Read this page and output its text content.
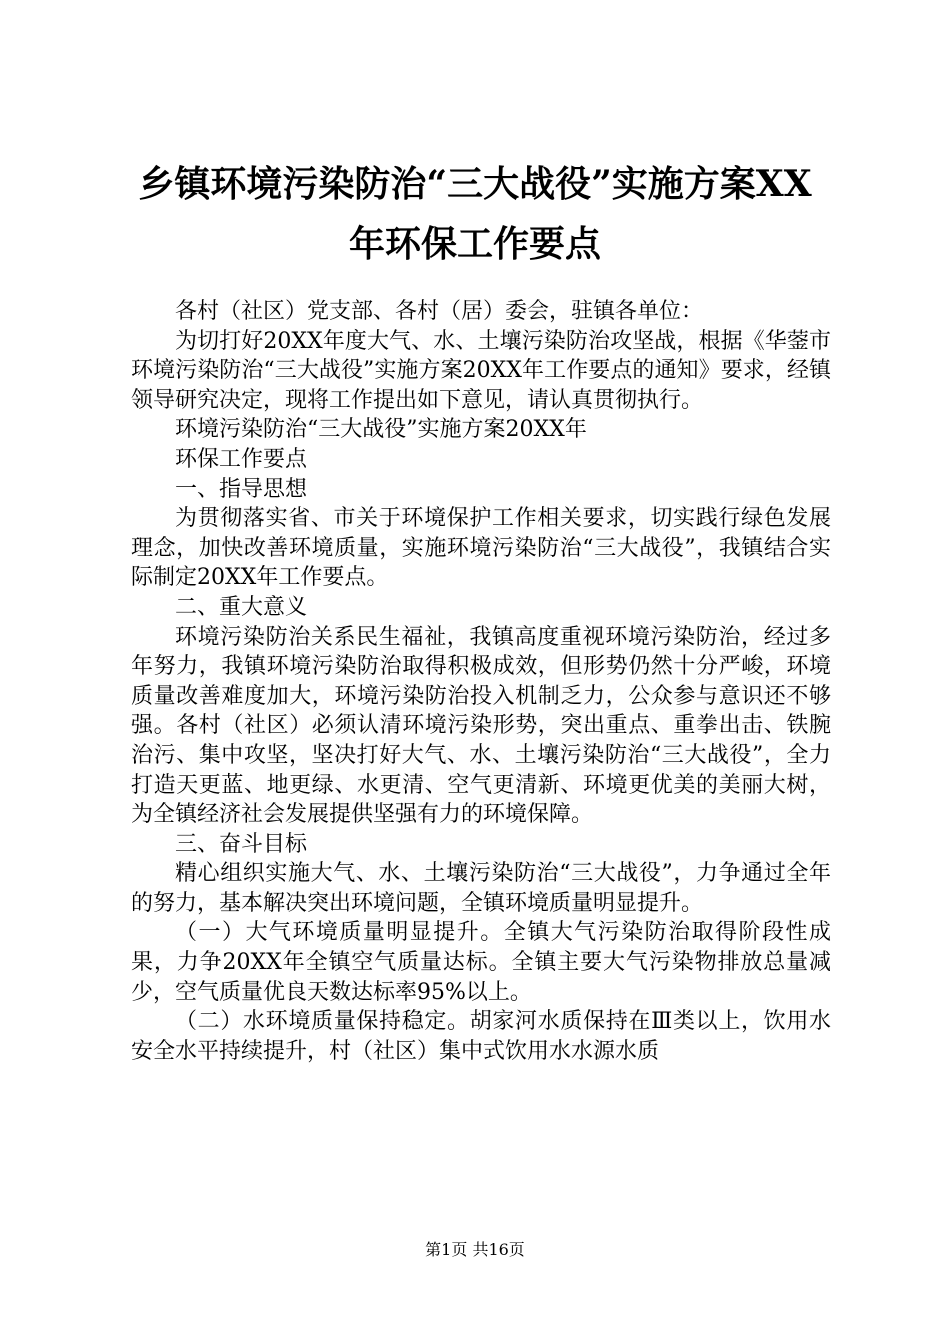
乡镇环境污染防治“三大战役”实施方案XX
年环保工作要点

各村（社区）党支部、各村（居）委会，驻镇各单位：

为切打好20XX年度大气、水、土壤污染防治攻坚战，根据《华蓥市环境污染防治“三大战役”实施方案20XX年工作要点的通知》要求，经镇领导研究决定，现将工作提出如下意见，请认真贯彻执行。

环境污染防治“三大战役”实施方案20XX年

环保工作要点

一、指导思想

为贯彻落实省、市关于环境保护工作相关要求，切实践行绿色发展理念，加快改善环境质量，实施环境污染防治“三大战役”，我镇结合实际制定20XX年工作要点。

二、重大意义

环境污染防治关系民生福祉，我镇高度重视环境污染防治，经过多年努力，我镇环境污染防治取得积极成效，但形势仍然十分严峻，环境质量改善难度加大，环境污染防治投入机制乏力，公众参与意识还不够强。各村（社区）必须认清环境污染形势，突出重点、重拳出击、铁腕治污、集中攻坚，坚决打好大气、水、土壤污染防治“三大战役”，全力打造天更蓝、地更绿、水更清、空气更清新、环境更优美的美丽大树，为全镇经济社会发展提供坚强有力的环境保障。

三、奋斗目标

精心组织实施大气、水、土壤污染防治“三大战役”，力争通过全年的努力，基本解决突出环境问题，全镇环境质量明显提升。

（一）大气环境质量明显提升。全镇大气污染防治取得阶段性成果，力争20XX年全镇空气质量达标。全镇主要大气污染物排放总量减少，空气质量优良天数达标率95%以上。

（二）水环境质量保持稳定。胡家河水质保持在Ⅲ类以上，饮用水安全水平持续提升，村（社区）集中式饮用水水源水质

第1页 共16页
